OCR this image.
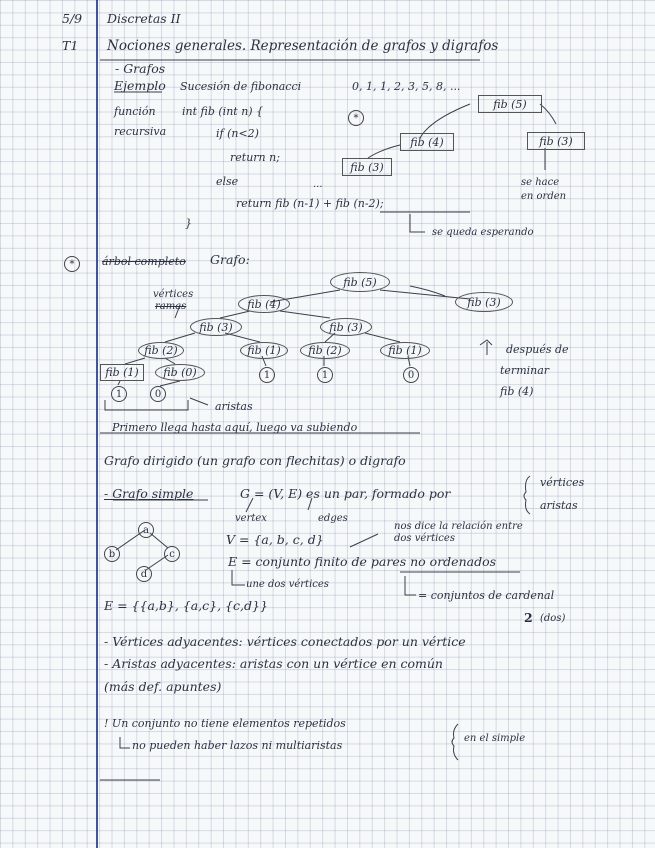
5/9 Discretas II
T1 Nociones generales. Representación de grafos y digrafos
- Grafos
Ejemplo Sucesión de fibonacci	0, 1, 1, 2, 3, 5, 8, ...
función
recursiva
int fib (int n) {
if (n<2)
return n;
else
return fib (n-1) + fib (n-2);
}
...
*
fib (5)
fib (4)	fib (3)
fib (3)
se hace
en orden
se queda esperando
*	árbol completo Grafo:
vértices
ramas
fib (5)
fib (4)
fib (3)	fib (3)
fib (2)
fib (1)
fib (1)
fib (0)
fib (2)	fib (1)
fib (3)
1	0
1	1	0
después de
terminar
fib (4)
aristas
Primero llega hasta aquí, luego va subiendo
Grafo dirigido (un grafo con flechitas) o digrafo
- Grafo simple	G = (V, E) es un par, formado por
vértices
aristas
vertex	edges
a
b	c
d
V = {a, b, c, d}
nos dice la relación entre
dos vértices
E = conjunto finito de pares no ordenados
une dos vértices
E = {{a,b}, {a,c}, {c,d}}
= conjuntos de cardenal
2 (dos)
- Vértices adyacentes: vértices conectados por un vértice
- Aristas adyacentes: aristas con un vértice en común
(más def. apuntes)
! Un conjunto no tiene elementos repetidos
no pueden haber lazos ni multiaristas
en el simple
